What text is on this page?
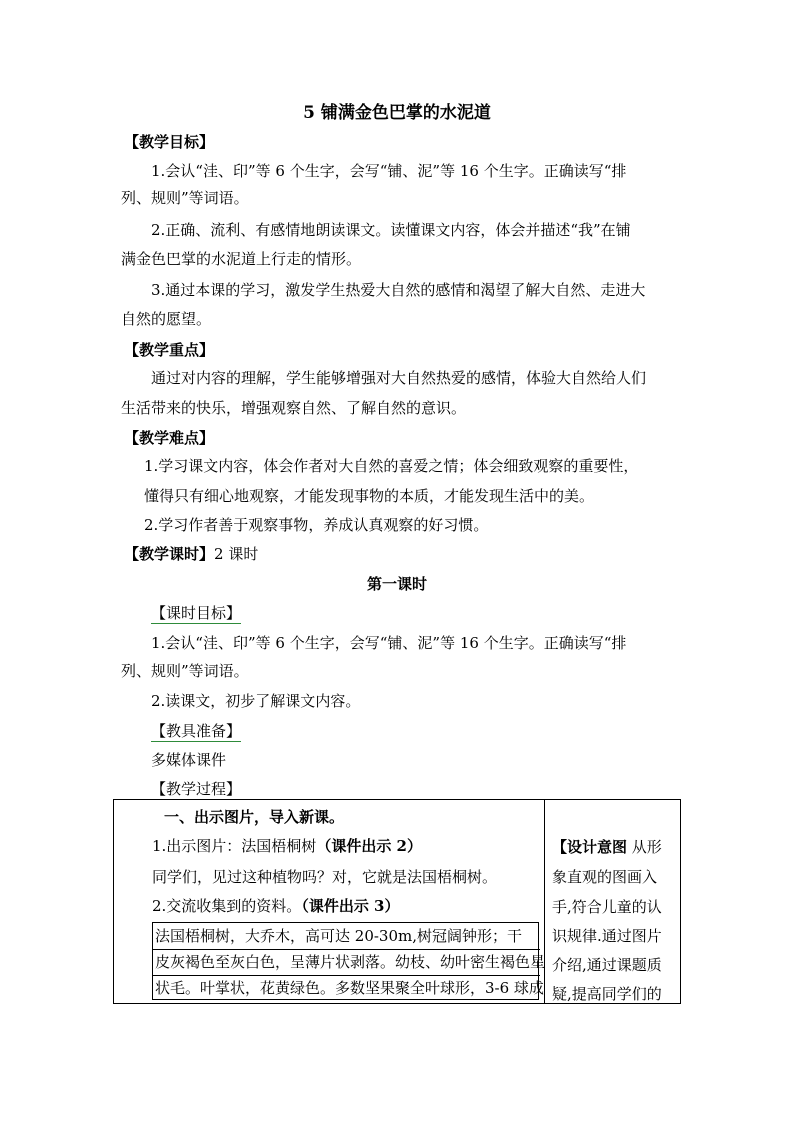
5 铺满金色巴掌的水泥道
【教学目标】
1.会认“洼、印”等 6 个生字，会写“铺、泥”等 16 个生字。正确读写“排
列、规则”等词语。
2.正确、流利、有感情地朗读课文。读懂课文内容，体会并描述“我”在铺
满金色巴掌的水泥道上行走的情形。
3.通过本课的学习，激发学生热爱大自然的感情和渴望了解大自然、走进大
自然的愿望。
【教学重点】
通过对内容的理解，学生能够增强对大自然热爱的感情，体验大自然给人们
生活带来的快乐，增强观察自然、了解自然的意识。
【教学难点】
1.学习课文内容，体会作者对大自然的喜爱之情；体会细致观察的重要性，
懂得只有细心地观察，才能发现事物的本质，才能发现生活中的美。
2.学习作者善于观察事物，养成认真观察的好习惯。
【教学课时】2 课时
第一课时
【课时目标】
1.会认“洼、印”等 6 个生字，会写“铺、泥”等 16 个生字。正确读写“排
列、规则”等词语。
2.读课文，初步了解课文内容。
【教具准备】
多媒体课件
【教学过程】
一、出示图片，导入新课。
1.出示图片：法国梧桐树（课件出示 2）
同学们，见过这种植物吗？对，它就是法国梧桐树。
2.交流收集到的资料。（课件出示 3）
法国梧桐树，大乔木，高可达 20-30m,树冠阔钟形；干
皮灰褐色至灰白色，呈薄片状剥落。幼枝、幼叶密生褐色星
状毛。叶掌状，花黄绿色。多数坚果聚全叶球形，3-6 球成
【设计意图 从形
象直观的图画入
手,符合儿童的认
识规律.通过图片
介绍,通过课题质
疑,提高同学们的
